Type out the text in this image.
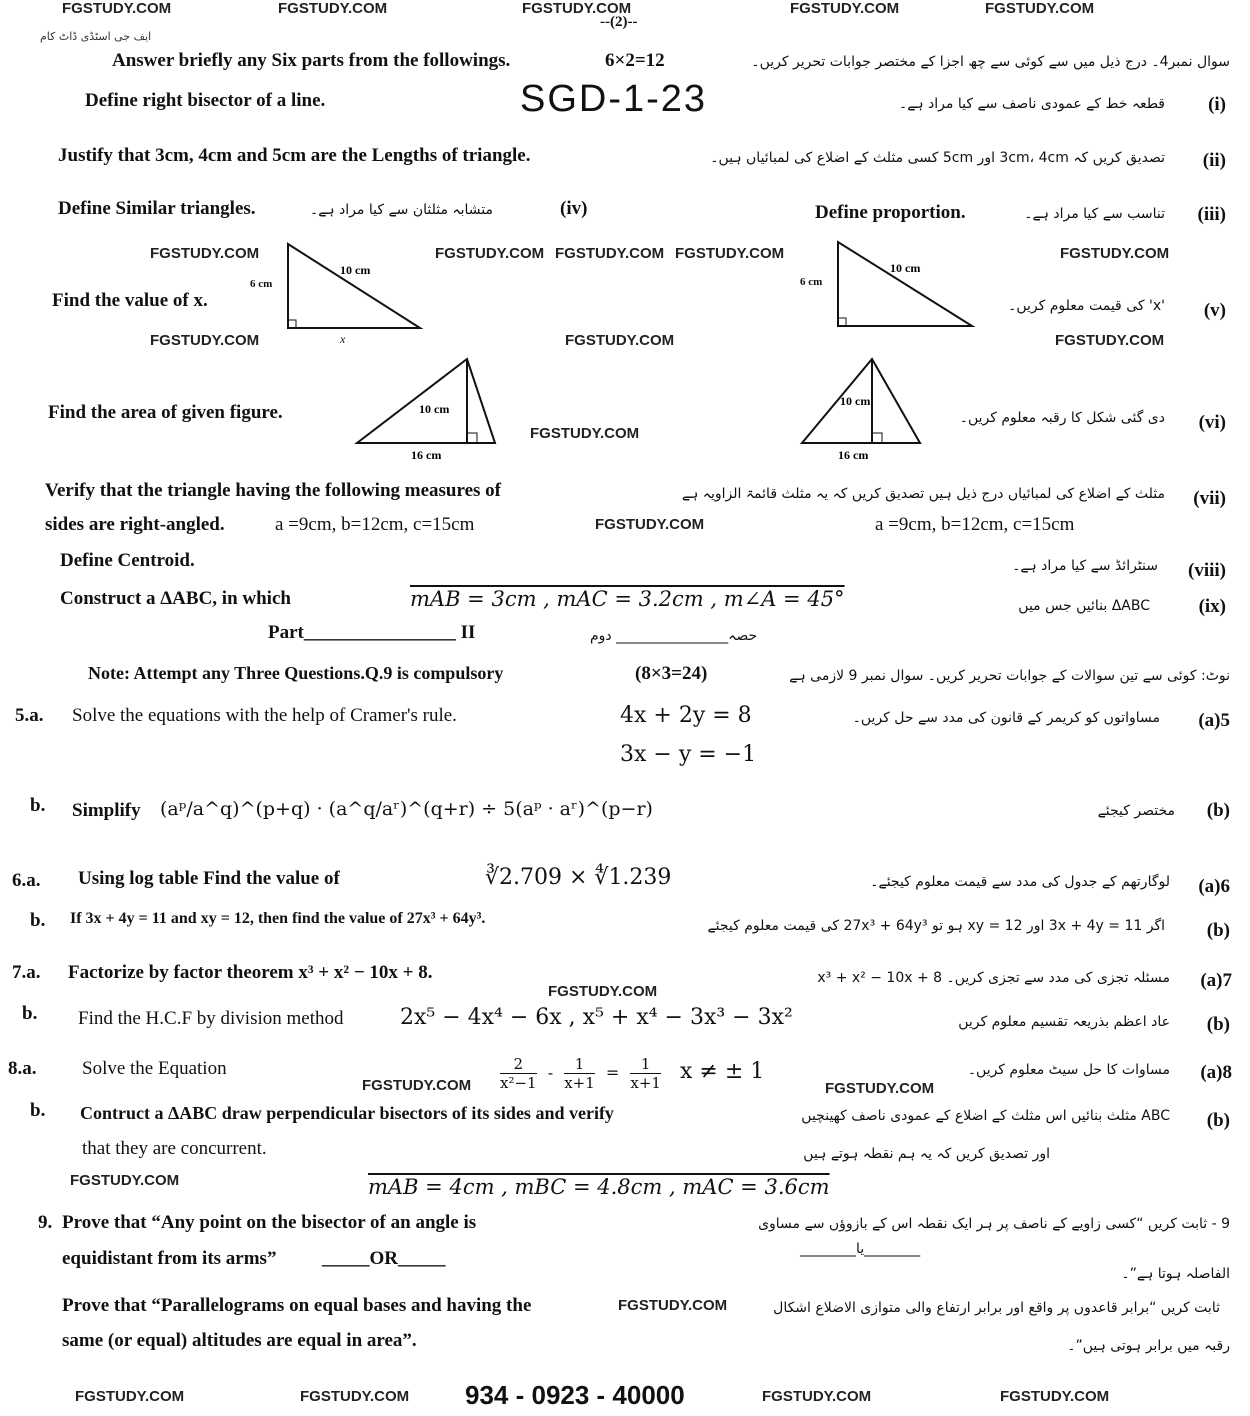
FGSTUDY.COM	FGSTUDY.COM	FGSTUDY.COM	FGSTUDY.COM	FGSTUDY.COM
--(2)--
ایف جی اسٹڈی ڈاٹ کام
Answer briefly any Six parts from the followings.	6×2=12	سوال نمبر4۔ درج ذیل میں سے کوئی سے چھ اجزا کے مختصر جوابات تحریر کریں۔
Define right bisector of a line.	SGD-1-23	قطعہ خط کے عمودی ناصف سے کیا مراد ہے۔ (i)
Justify that 3cm, 4cm and 5cm are the Lengths of triangle.	تصدیق کریں کہ 3cm، 4cm اور 5cm کسی مثلث کے اضلاع کی لمبائیاں ہیں۔ (ii)
Define Similar triangles.	متشابہ مثلثان سے کیا مراد ہے۔	(iv)	Define proportion.	تناسب سے کیا مراد ہے۔ (iii)
FGSTUDY.COM	FGSTUDY.COM FGSTUDY.COM FGSTUDY.COM	FGSTUDY.COM
Find the value of x.
10 cm
6 cm
x
10 cm
6 cm
'x' کی قیمت معلوم کریں۔ (v)
FGSTUDY.COM	FGSTUDY.COM	FGSTUDY.COM
Find the area of given figure.	10 cm
16 cm
FGSTUDY.COM
10 cm
16 cm
دی گئی شکل کا رقبہ معلوم کریں۔ (vi)
Verify that the triangle having the following measures of
sides are right-angled.	a =9cm, b=12cm, c=15cm	FGSTUDY.COM
مثلث کے اضلاع کی لمبائیاں درج ذیل ہیں تصدیق کریں کہ یہ مثلث قائمۃ الزاویہ ہے
a =9cm, b=12cm, c=15cm
(vii)
Define Centroid.	سنٹرائڈ سے کیا مراد ہے۔ (viii)
Construct a ΔABC, in which	mAB = 3cm , mAC = 3.2cm , m∠A = 45°	ΔABC بنائیں جس میں	(ix)
Part________________ II	حصہ________________ دوم
Note: Attempt any Three Questions.Q.9 is compulsory	(8×3=24)	نوٹ: کوئی سے تین سوالات کے جوابات تحریر کریں۔ سوال نمبر 9 لازمی ہے
5.a. Solve the equations with the help of Cramer's rule.	4x + 2y = 8
3x − y = −1
مساواتوں کو کریمر کے قانون کی مدد سے حل کریں۔ (a)5
b. Simplify (aᵖ/a^q)^(p+q) · (a^q/aʳ)^(q+r) ÷ 5(aᵖ · aʳ)^(p−r)	مختصر کیجئے (b)
6.a. Using log table Find the value of	∛2.709 × ∜1.239	لوگارتھم کے جدول کی مدد سے قیمت معلوم کیجئے۔ (a)6
b. If 3x + 4y = 11 and xy = 12, then find the value of 27x³ + 64y³.	اگر 3x + 4y = 11 اور xy = 12 ہو تو 27x³ + 64y³ کی قیمت معلوم کیجئے (b)
7.a. Factorize by factor theorem x³ + x² − 10x + 8.
FGSTUDY.COM
مسئلہ تجزی کی مدد سے تجزی کریں۔ x³ + x² − 10x + 8 (a)7
b. Find the H.C.F by division method	2x⁵ − 4x⁴ − 6x , x⁵ + x⁴ − 3x³ − 3x²	عاد اعظم بذریعہ تقسیم معلوم کریں (b)
8.a. Solve the Equation
FGSTUDY.COM $\frac{2}{\text{x²−1}} - \frac{1}{x+1} = \frac{1}{x+1}$ x ≠ ± 1
FGSTUDY.COM
مساوات کا حل سیٹ معلوم کریں۔ (a)8
b. Contruct a ΔABC draw perpendicular bisectors of its sides and verify
that they are concurrent.
ABC مثلث بنائیں اس مثلث کے اضلاع کے عمودی ناصف کھینچیں
اور تصدیق کریں کہ یہ ہم نقطہ ہوتے ہیں
(b)
FGSTUDY.COM	mAB = 4cm , mBC = 4.8cm , mAC = 3.6cm
9. Prove that “Any point on the bisector of an angle is
equidistant from its arms” _____OR_____
9 - ثابت کریں “کسی زاویے کے ناصف پر ہر ایک نقطہ اس کے بازوؤں سے مساوی
الفاصلہ ہوتا ہے”۔
________یا________
Prove that “Parallelograms on equal bases and having the
same (or equal) altitudes are equal in area”.
FGSTUDY.COM	ثابت کریں “برابر قاعدوں پر واقع اور برابر ارتفاع والی متوازی الاضلاع اشکال
رقبہ میں برابر ہوتی ہیں”۔
FGSTUDY.COM	FGSTUDY.COM 934 - 0923 - 40000	FGSTUDY.COM	FGSTUDY.COM
